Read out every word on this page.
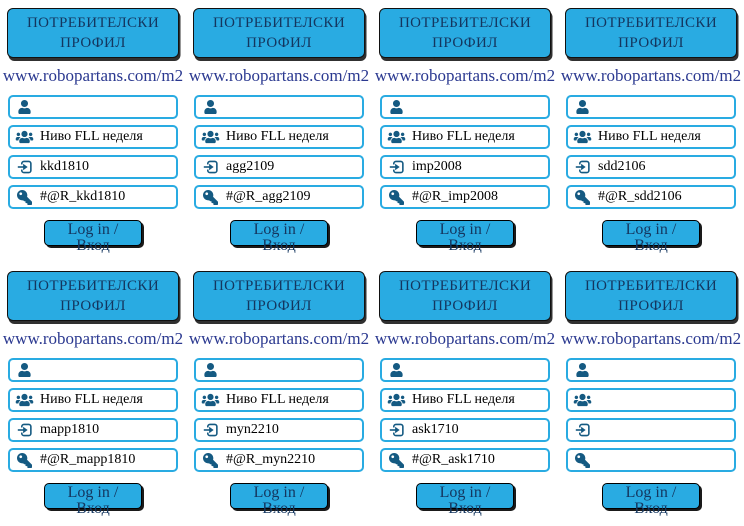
ПОТРЕБИТЕЛСКИ
ПРОФИЛ
www.robopartans.com/m2
Ниво FLL неделя
kkd1810
#@R_kkd1810
Log in / Вход
ПОТРЕБИТЕЛСКИ
ПРОФИЛ
www.robopartans.com/m2
Ниво FLL неделя
agg2109
#@R_agg2109
Log in / Вход
ПОТРЕБИТЕЛСКИ
ПРОФИЛ
www.robopartans.com/m2
Ниво FLL неделя
imp2008
#@R_imp2008
Log in / Вход
ПОТРЕБИТЕЛСКИ
ПРОФИЛ
www.robopartans.com/m2
Ниво FLL неделя
sdd2106
#@R_sdd2106
Log in / Вход
ПОТРЕБИТЕЛСКИ
ПРОФИЛ
www.robopartans.com/m2
Ниво FLL неделя
mapp1810
#@R_mapp1810
Log in / Вход
ПОТРЕБИТЕЛСКИ
ПРОФИЛ
www.robopartans.com/m2
Ниво FLL неделя
myn2210
#@R_myn2210
Log in / Вход
ПОТРЕБИТЕЛСКИ
ПРОФИЛ
www.robopartans.com/m2
Ниво FLL неделя
ask1710
#@R_ask1710
Log in / Вход
ПОТРЕБИТЕЛСКИ
ПРОФИЛ
www.robopartans.com/m2
Log in / Вход
